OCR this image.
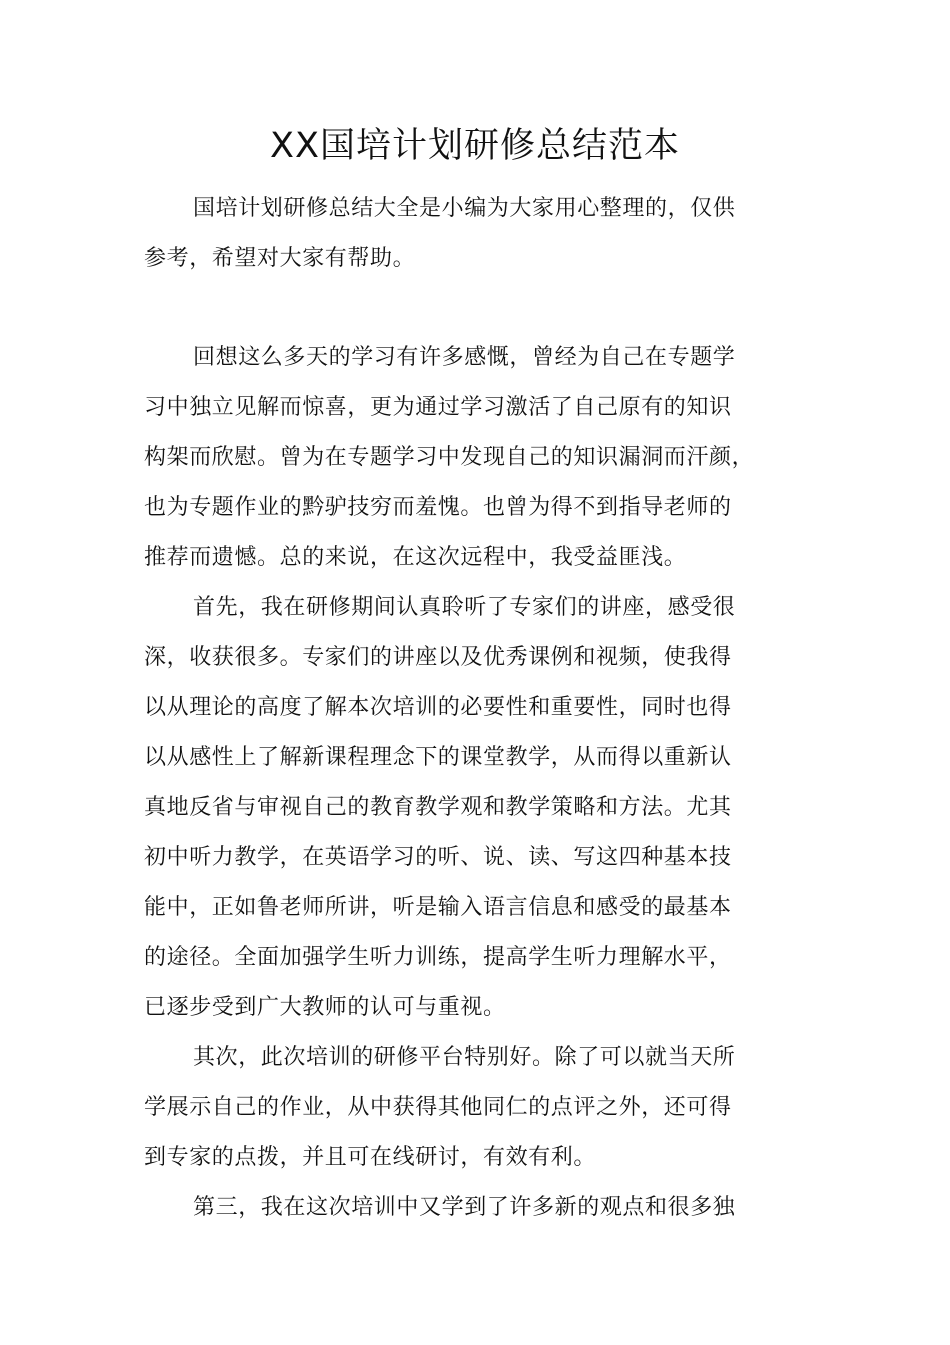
XX国培计划研修总结范本
国培计划研修总结大全是小编为大家用心整理的，仅供
参考，希望对大家有帮助。
回想这么多天的学习有许多感慨，曾经为自己在专题学
习中独立见解而惊喜，更为通过学习激活了自己原有的知识
构架而欣慰。曾为在专题学习中发现自己的知识漏洞而汗颜，
也为专题作业的黔驴技穷而羞愧。也曾为得不到指导老师的
推荐而遗憾。总的来说，在这次远程中，我受益匪浅。
首先，我在研修期间认真聆听了专家们的讲座，感受很
深，收获很多。专家们的讲座以及优秀课例和视频，使我得
以从理论的高度了解本次培训的必要性和重要性，同时也得
以从感性上了解新课程理念下的课堂教学，从而得以重新认
真地反省与审视自己的教育教学观和教学策略和方法。尤其
初中听力教学，在英语学习的听、说、读、写这四种基本技
能中，正如鲁老师所讲，听是输入语言信息和感受的最基本
的途径。全面加强学生听力训练，提高学生听力理解水平，
已逐步受到广大教师的认可与重视。
其次，此次培训的研修平台特别好。除了可以就当天所
学展示自己的作业，从中获得其他同仁的点评之外，还可得
到专家的点拨，并且可在线研讨，有效有利。
第三，我在这次培训中又学到了许多新的观点和很多独
